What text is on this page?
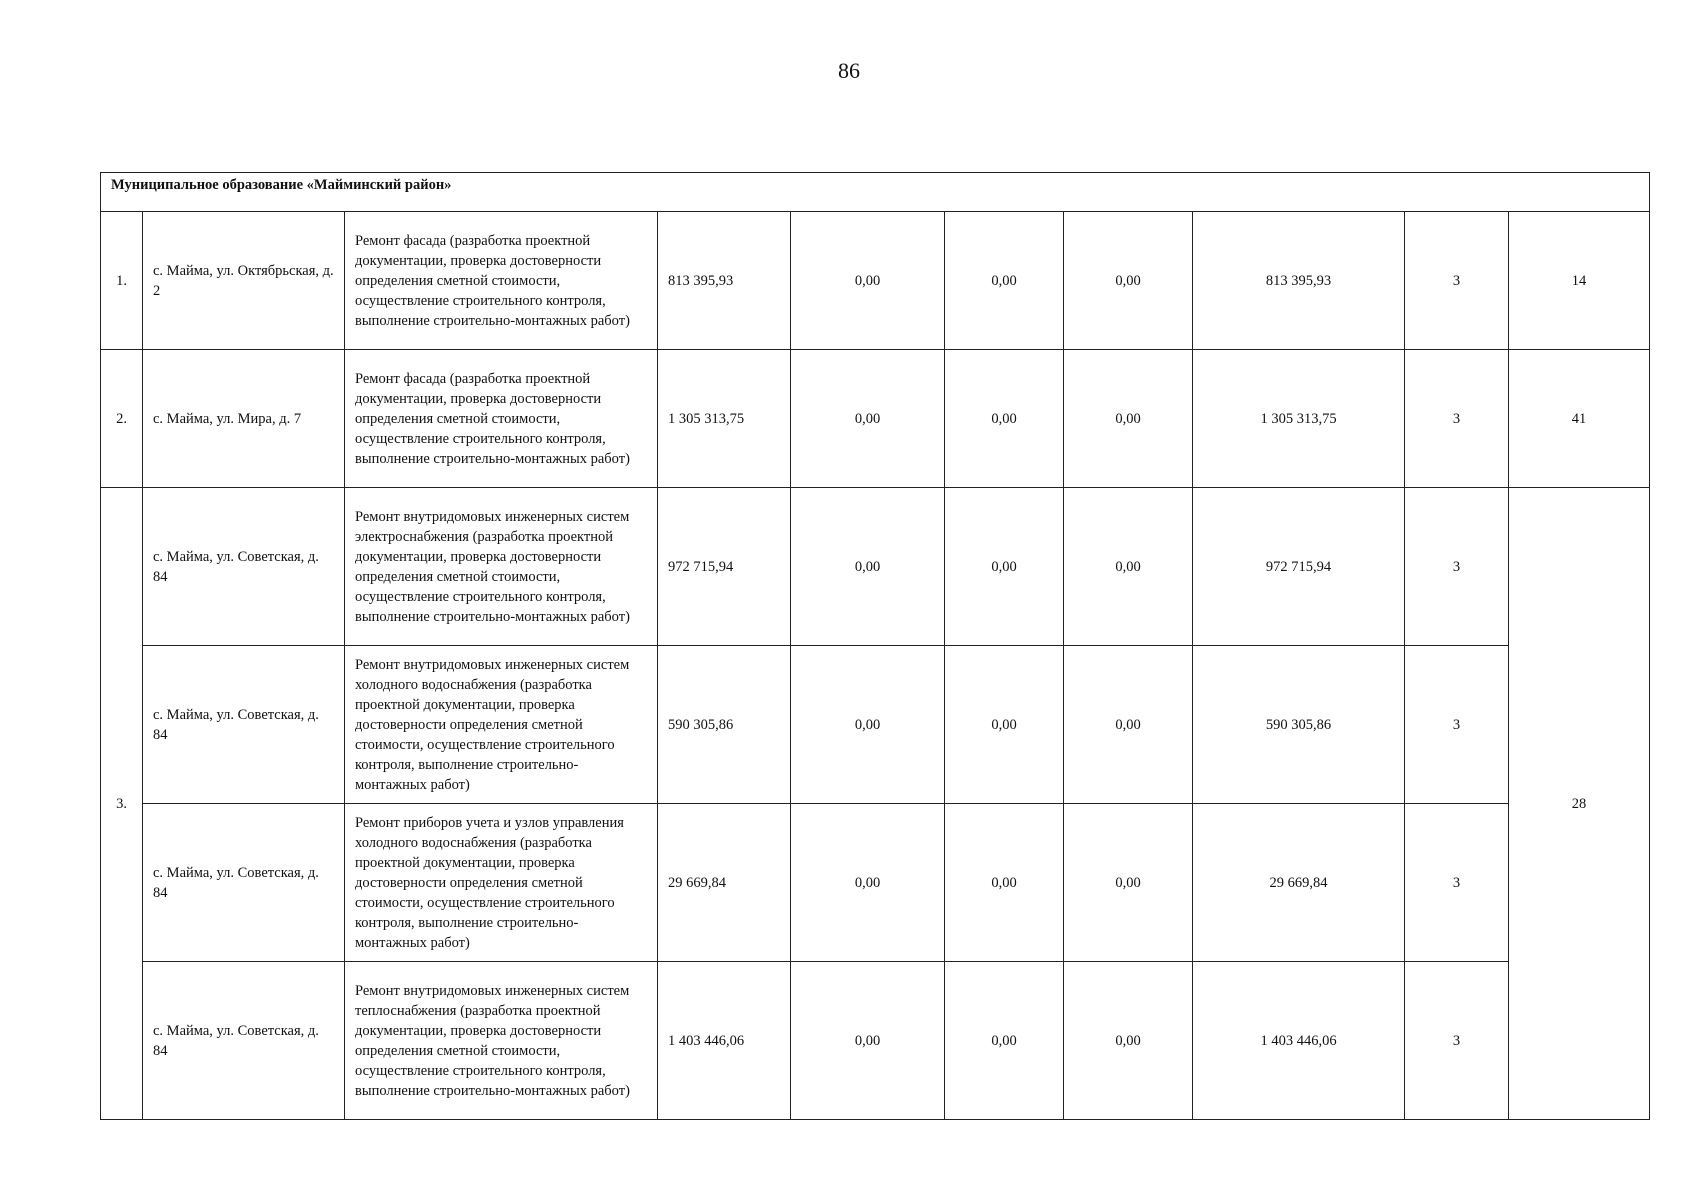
86
Муниципальное образование «Майминский район»									
1.	с. Майма, ул. Октябрьская, д. 2	Ремонт фасада (разработка проектной документации, проверка достоверности определения сметной стоимости, осуществление строительного контроля, выполнение строительно-монтажных работ)	813 395,93	0,00	0,00	0,00	813 395,93	3	14
2.	с. Майма, ул. Мира, д. 7	Ремонт фасада (разработка проектной документации, проверка достоверности определения сметной стоимости, осуществление строительного контроля, выполнение строительно-монтажных работ)	1 305 313,75	0,00	0,00	0,00	1 305 313,75	3	41
3.	с. Майма, ул. Советская, д. 84	Ремонт внутридомовых инженерных систем электроснабжения (разработка проектной документации, проверка достоверности определения сметной стоимости, осуществление строительного контроля, выполнение строительно-монтажных работ)	972 715,94	0,00	0,00	0,00	972 715,94	3	28
	с. Майма, ул. Советская, д. 84	Ремонт внутридомовых инженерных систем холодного водоснабжения (разработка проектной документации, проверка достоверности определения сметной стоимости, осуществление строительного контроля, выполнение строительно-монтажных работ)	590 305,86	0,00	0,00	0,00	590 305,86	3	
	с. Майма, ул. Советская, д. 84	Ремонт приборов учета и узлов управления холодного водоснабжения (разработка проектной документации, проверка достоверности определения сметной стоимости, осуществление строительного контроля, выполнение строительно-монтажных работ)	29 669,84	0,00	0,00	0,00	29 669,84	3	
	с. Майма, ул. Советская, д. 84	Ремонт внутридомовых инженерных систем теплоснабжения (разработка проектной документации, проверка достоверности определения сметной стоимости, осуществление строительного контроля, выполнение строительно-монтажных работ)	1 403 446,06	0,00	0,00	0,00	1 403 446,06	3	
